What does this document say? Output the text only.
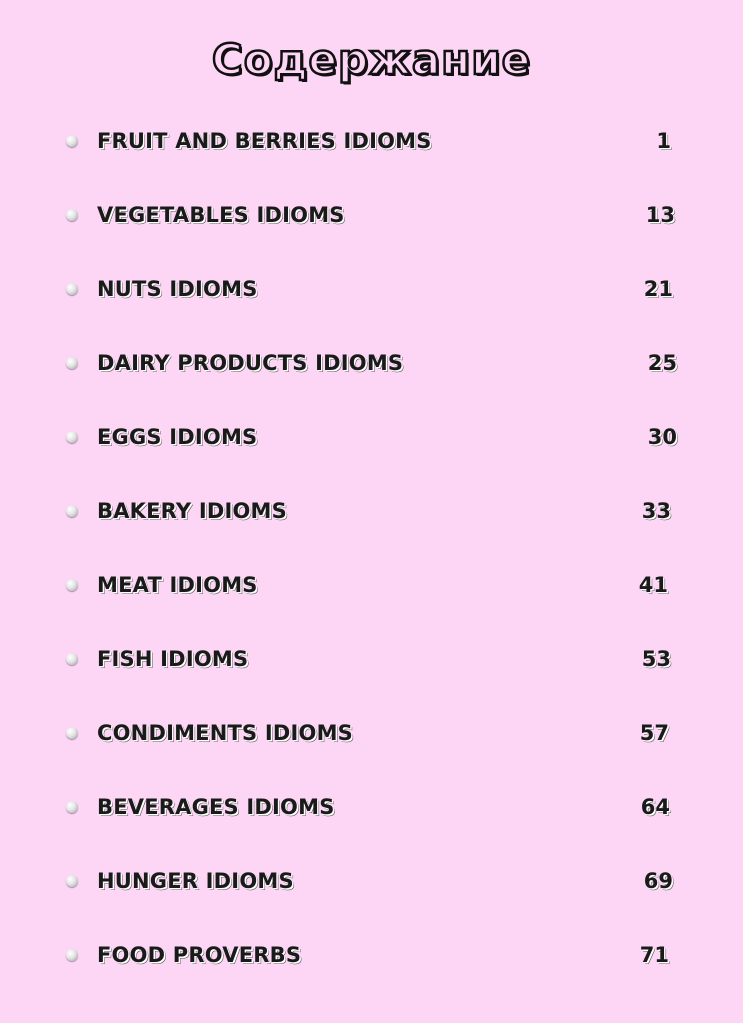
Содержание
FRUIT AND BERRIES IDIOMS	1
VEGETABLES IDIOMS	13
NUTS IDIOMS	21
DAIRY PRODUCTS IDIOMS	25
EGGS IDIOMS	30
BAKERY IDIOMS	33
MEAT IDIOMS	41
FISH IDIOMS	53
CONDIMENTS IDIOMS	57
BEVERAGES IDIOMS	64
HUNGER IDIOMS	69
FOOD PROVERBS	71
